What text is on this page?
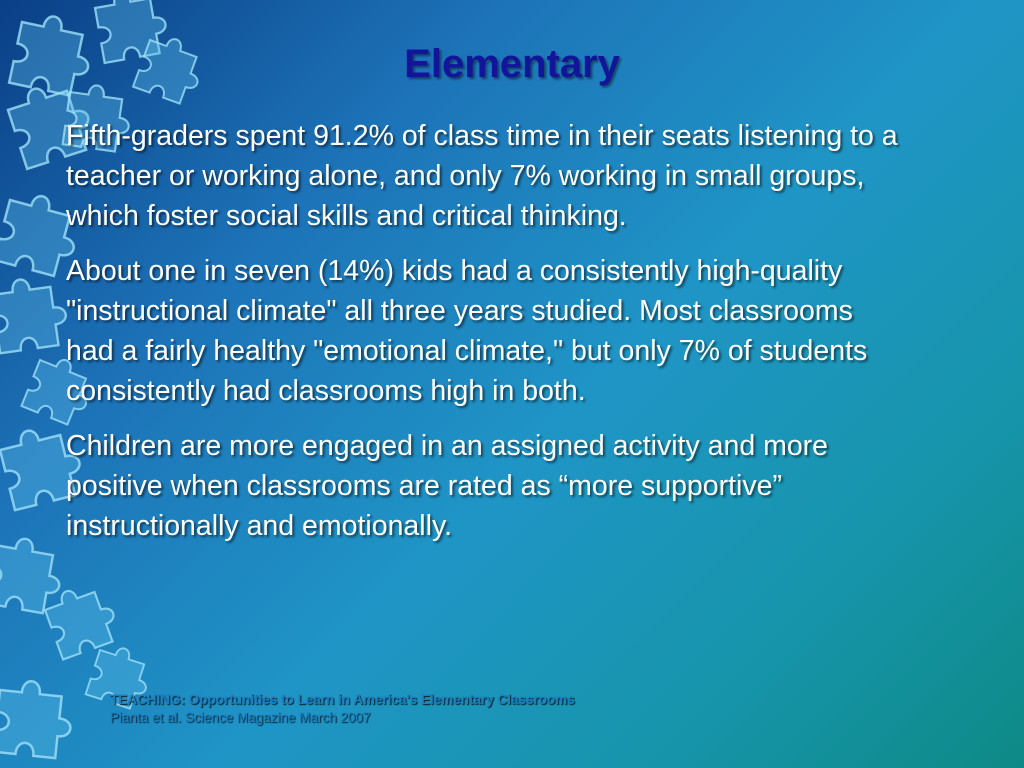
Elementary

Fifth-graders spent 91.2% of class time in their seats listening to a teacher or working alone, and only 7% working in small groups, which foster social skills and critical thinking.

About one in seven (14%) kids had a consistently high-quality "instructional climate" all three years studied. Most classrooms had a fairly healthy "emotional climate," but only 7% of students consistently had classrooms high in both.

Children are more engaged in an assigned activity and more positive when classrooms are rated as “more supportive” instructionally and emotionally.

TEACHING: Opportunities to Learn in America's Elementary Classrooms
Pianta et al. Science Magazine March 2007
